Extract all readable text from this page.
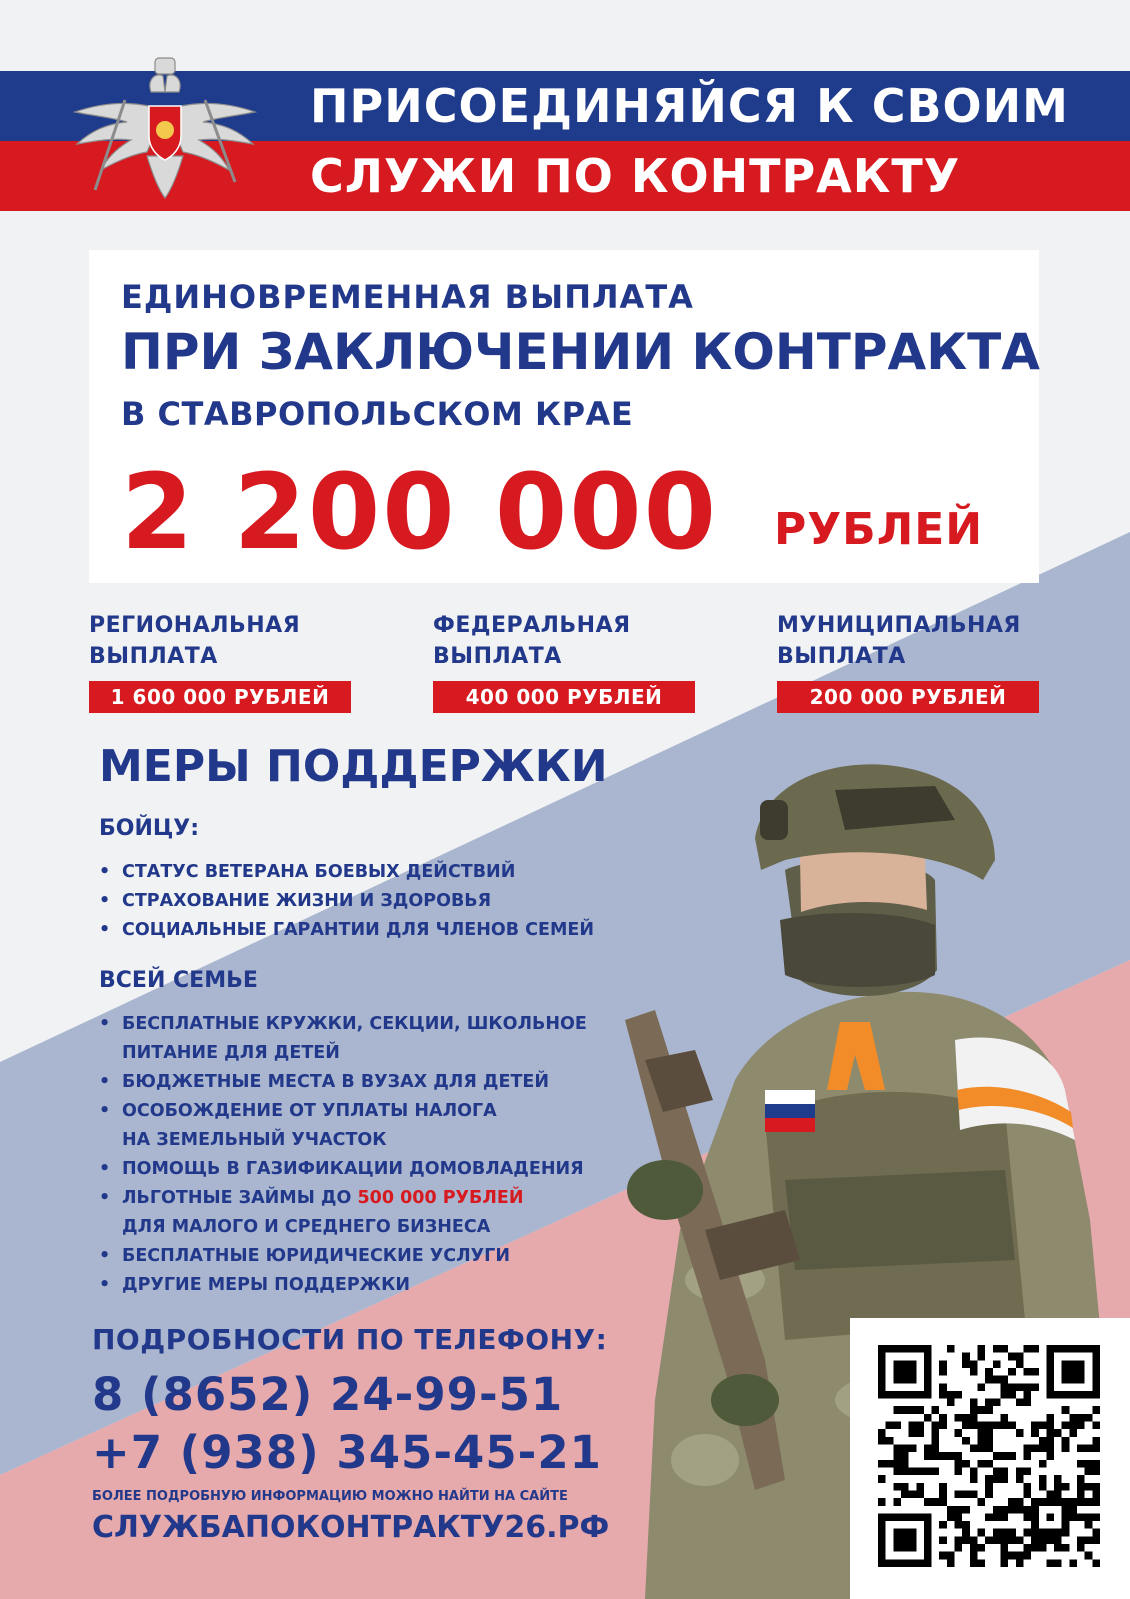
ПРИСОЕДИНЯЙСЯ К СВОИМ
СЛУЖИ ПО КОНТРАКТУ
ЕДИНОВРЕМЕННАЯ ВЫПЛАТА
ПРИ ЗАКЛЮЧЕНИИ КОНТРАКТА
В СТАВРОПОЛЬСКОМ КРАЕ
2 200 000 РУБЛЕЙ
РЕГИОНАЛЬНАЯ
ВЫПЛАТА
1 600 000 РУБЛЕЙ
ФЕДЕРАЛЬНАЯ
ВЫПЛАТА
400 000 РУБЛЕЙ
МУНИЦИПАЛЬНАЯ
ВЫПЛАТА
200 000 РУБЛЕЙ
МЕРЫ ПОДДЕРЖКИ
БОЙЦУ:
• СТАТУС ВЕТЕРАНА БОЕВЫХ ДЕЙСТВИЙ
• СТРАХОВАНИЕ ЖИЗНИ И ЗДОРОВЬЯ
• СОЦИАЛЬНЫЕ ГАРАНТИИ ДЛЯ ЧЛЕНОВ СЕМЕЙ
ВСЕЙ СЕМЬЕ
• БЕСПЛАТНЫЕ КРУЖКИ, СЕКЦИИ, ШКОЛЬНОЕ
ПИТАНИЕ ДЛЯ ДЕТЕЙ
• БЮДЖЕТНЫЕ МЕСТА В ВУЗАХ ДЛЯ ДЕТЕЙ
• ОСОБОЖДЕНИЕ ОТ УПЛАТЫ НАЛОГА
НА ЗЕМЕЛЬНЫЙ УЧАСТОК
• ПОМОЩЬ В ГАЗИФИКАЦИИ ДОМОВЛАДЕНИЯ
• ЛЬГОТНЫЕ ЗАЙМЫ ДО 500 000 РУБЛЕЙ
ДЛЯ МАЛОГО И СРЕДНЕГО БИЗНЕСА
• БЕСПЛАТНЫЕ ЮРИДИЧЕСКИЕ УСЛУГИ
• ДРУГИЕ МЕРЫ ПОДДЕРЖКИ
ПОДРОБНОСТИ ПО ТЕЛЕФОНУ:
8 (8652) 24-99-51
+7 (938) 345-45-21
БОЛЕЕ ПОДРОБНУЮ ИНФОРМАЦИЮ МОЖНО НАЙТИ НА САЙТЕ
СЛУЖБАПОКОНТРАКТУ26.РФ
